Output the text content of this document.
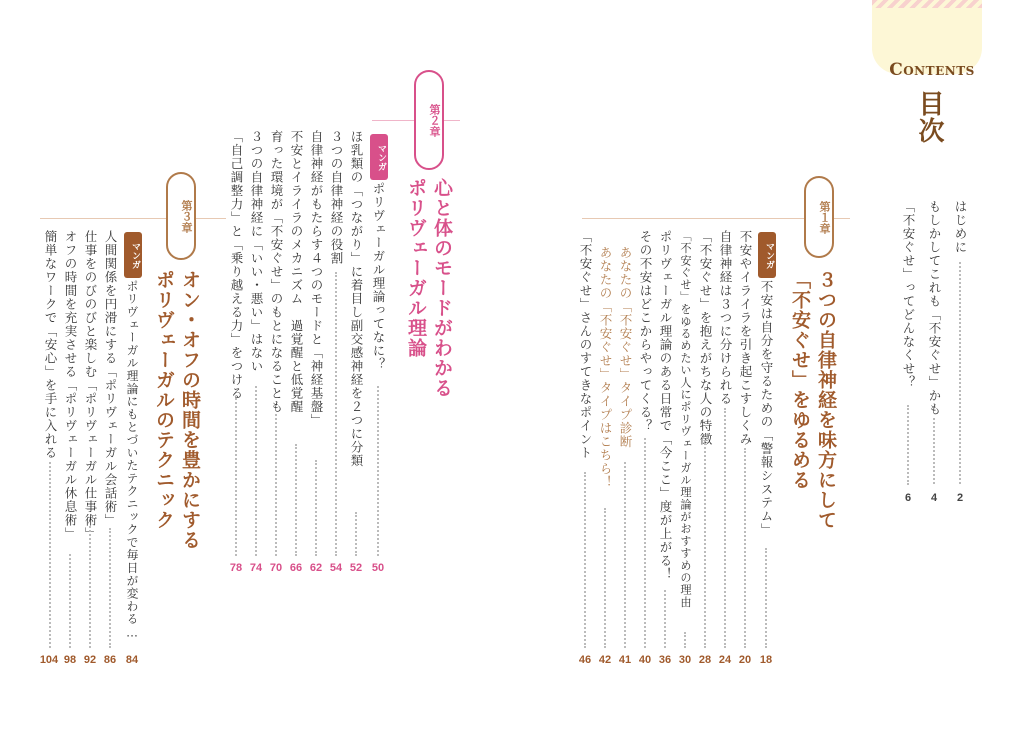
Contents
目次
はじめに
もしかしてこれも「不安ぐせ」かも
「不安ぐせ」ってどんなくせ？
2
4
6
第１章
３つの自律神経を味方にして
「不安ぐせ」をゆるめる
マンガ
不安は自分を守るための「警報システム」
不安やイライラを引き起こすしくみ
自律神経は３つに分けられる
「不安ぐせ」を抱えがちな人の特徴
「不安ぐせ」をゆるめたい人にポリヴェーガル理論がおすすめの理由
ポリヴェーガル理論のある日常で「今ここ」度が上がる！
その不安はどこからやってくる？
あなたの「不安ぐせ」タイプ診断
あなたの「不安ぐせ」タイプはこちら！
「不安ぐせ」さんのすてきなポイント
18
20
24
28
30
36
40
41
42
46
第２章
心と体のモードがわかる
ポリヴェーガル理論
マンガ
ポリヴェーガル理論ってなに？
ほ乳類の「つながり」に着目し副交感神経を２つに分類
３つの自律神経の役割
自律神経がもたらす４つのモードと「神経基盤」
不安とイライラのメカニズム　過覚醒と低覚醒
育った環境が「不安ぐせ」のもとになることも
３つの自律神経に「いい・悪い」はない
「自己調整力」と「乗り越える力」をつける
50
52
54
62
66
70
74
78
第３章
オン・オフの時間を豊かにする
ポリヴェーガルのテクニック
マンガ
ポリヴェーガル理論にもとづいたテクニックで毎日が変わる…
人間関係を円滑にする「ポリヴェーガル会話術」
仕事をのびのびと楽しむ「ポリヴェーガル仕事術」
オフの時間を充実させる「ポリヴェーガル休息術」
簡単なワークで「安心」を手に入れる
84
86
92
98
104
